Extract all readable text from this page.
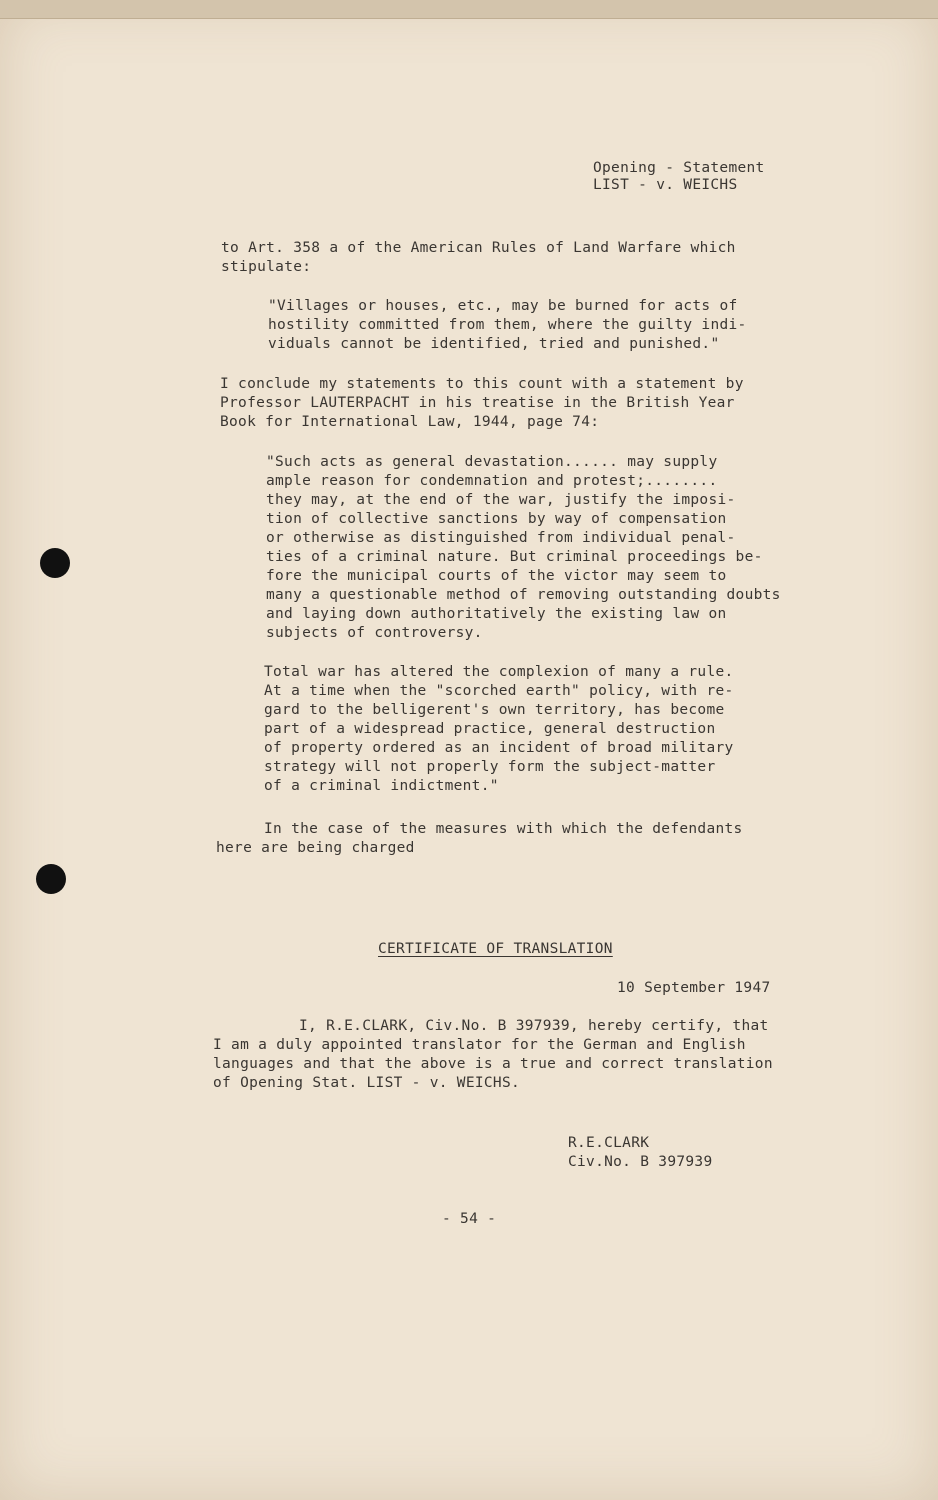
Opening - Statement
LIST - v. WEICHS
to Art. 358 a of the American Rules of Land Warfare which
stipulate:
"Villages or houses, etc., may be burned for acts of
hostility committed from them, where the guilty indi-
viduals cannot be identified, tried and punished."
I conclude my statements to this count with a statement by
Professor LAUTERPACHT in his treatise in the British Year
Book for International Law, 1944, page 74:
"Such acts as general devastation...... may supply
ample reason for condemnation and protest;........
they may, at the end of the war, justify the imposi-
tion of collective sanctions by way of compensation
or otherwise as distinguished from individual penal-
ties of a criminal nature. But criminal proceedings be-
fore the municipal courts of the victor may seem to
many a questionable method of removing outstanding doubts
and laying down authoritatively the existing law on
subjects of controversy.
Total war has altered the complexion of many a rule.
At a time when the "scorched earth" policy, with re-
gard to the belligerent's own territory, has become
part of a widespread practice, general destruction
of property ordered as an incident of broad military
strategy will not properly form the subject-matter
of a criminal indictment."
In the case of the measures with which the defendants
here are being charged
CERTIFICATE OF TRANSLATION
10 September 1947
I, R.E.CLARK, Civ.No. B 397939, hereby certify, that
I am a duly appointed translator for the German and English
languages and that the above is a true and correct translation
of Opening Stat. LIST - v. WEICHS.
R.E.CLARK
Civ.No. B 397939
- 54 -
